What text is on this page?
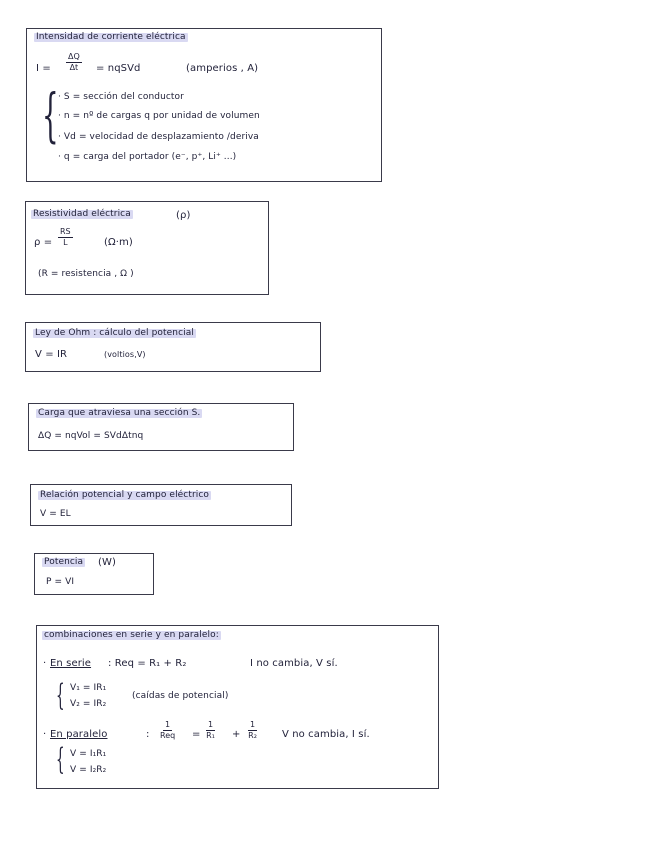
Intensidad de corriente eléctrica
$I = \frac{\Delta Q}{\Delta t}$ = nqSVd	(amperios , A)
{ · S = sección del conductor
· n = nº de cargas q por unidad de volumen
· Vd = velocidad de desplazamiento /deriva
· q = carga del portador (e⁻, p⁺, Li⁺ ...)
Resistividad eléctrica	(ρ)
$\rho = \frac{RS}{L}$	(Ω·m)
(R = resistencia , Ω )
Ley de Ohm : cálculo del potencial
V = IR	(voltios,V)
Carga que atraviesa una sección S.
ΔQ = nqVol = SVdΔtnq
Relación potencial y campo eléctrico
V = EL
Potencia (W)
P = VI
combinaciones en serie y en paralelo:
· En serie : Req = R₁ + R₂	I no cambia, V sí.
{ V₁ = IR₁
V₂ = IR₂
(caídas de potencial)
· En paralelo	:
1
Req = $\frac{1}{\text{R₁}} + \frac{1}{\text{R₂}}$ V no cambia, I sí.
{ V = I₁R₁
V = I₂R₂
